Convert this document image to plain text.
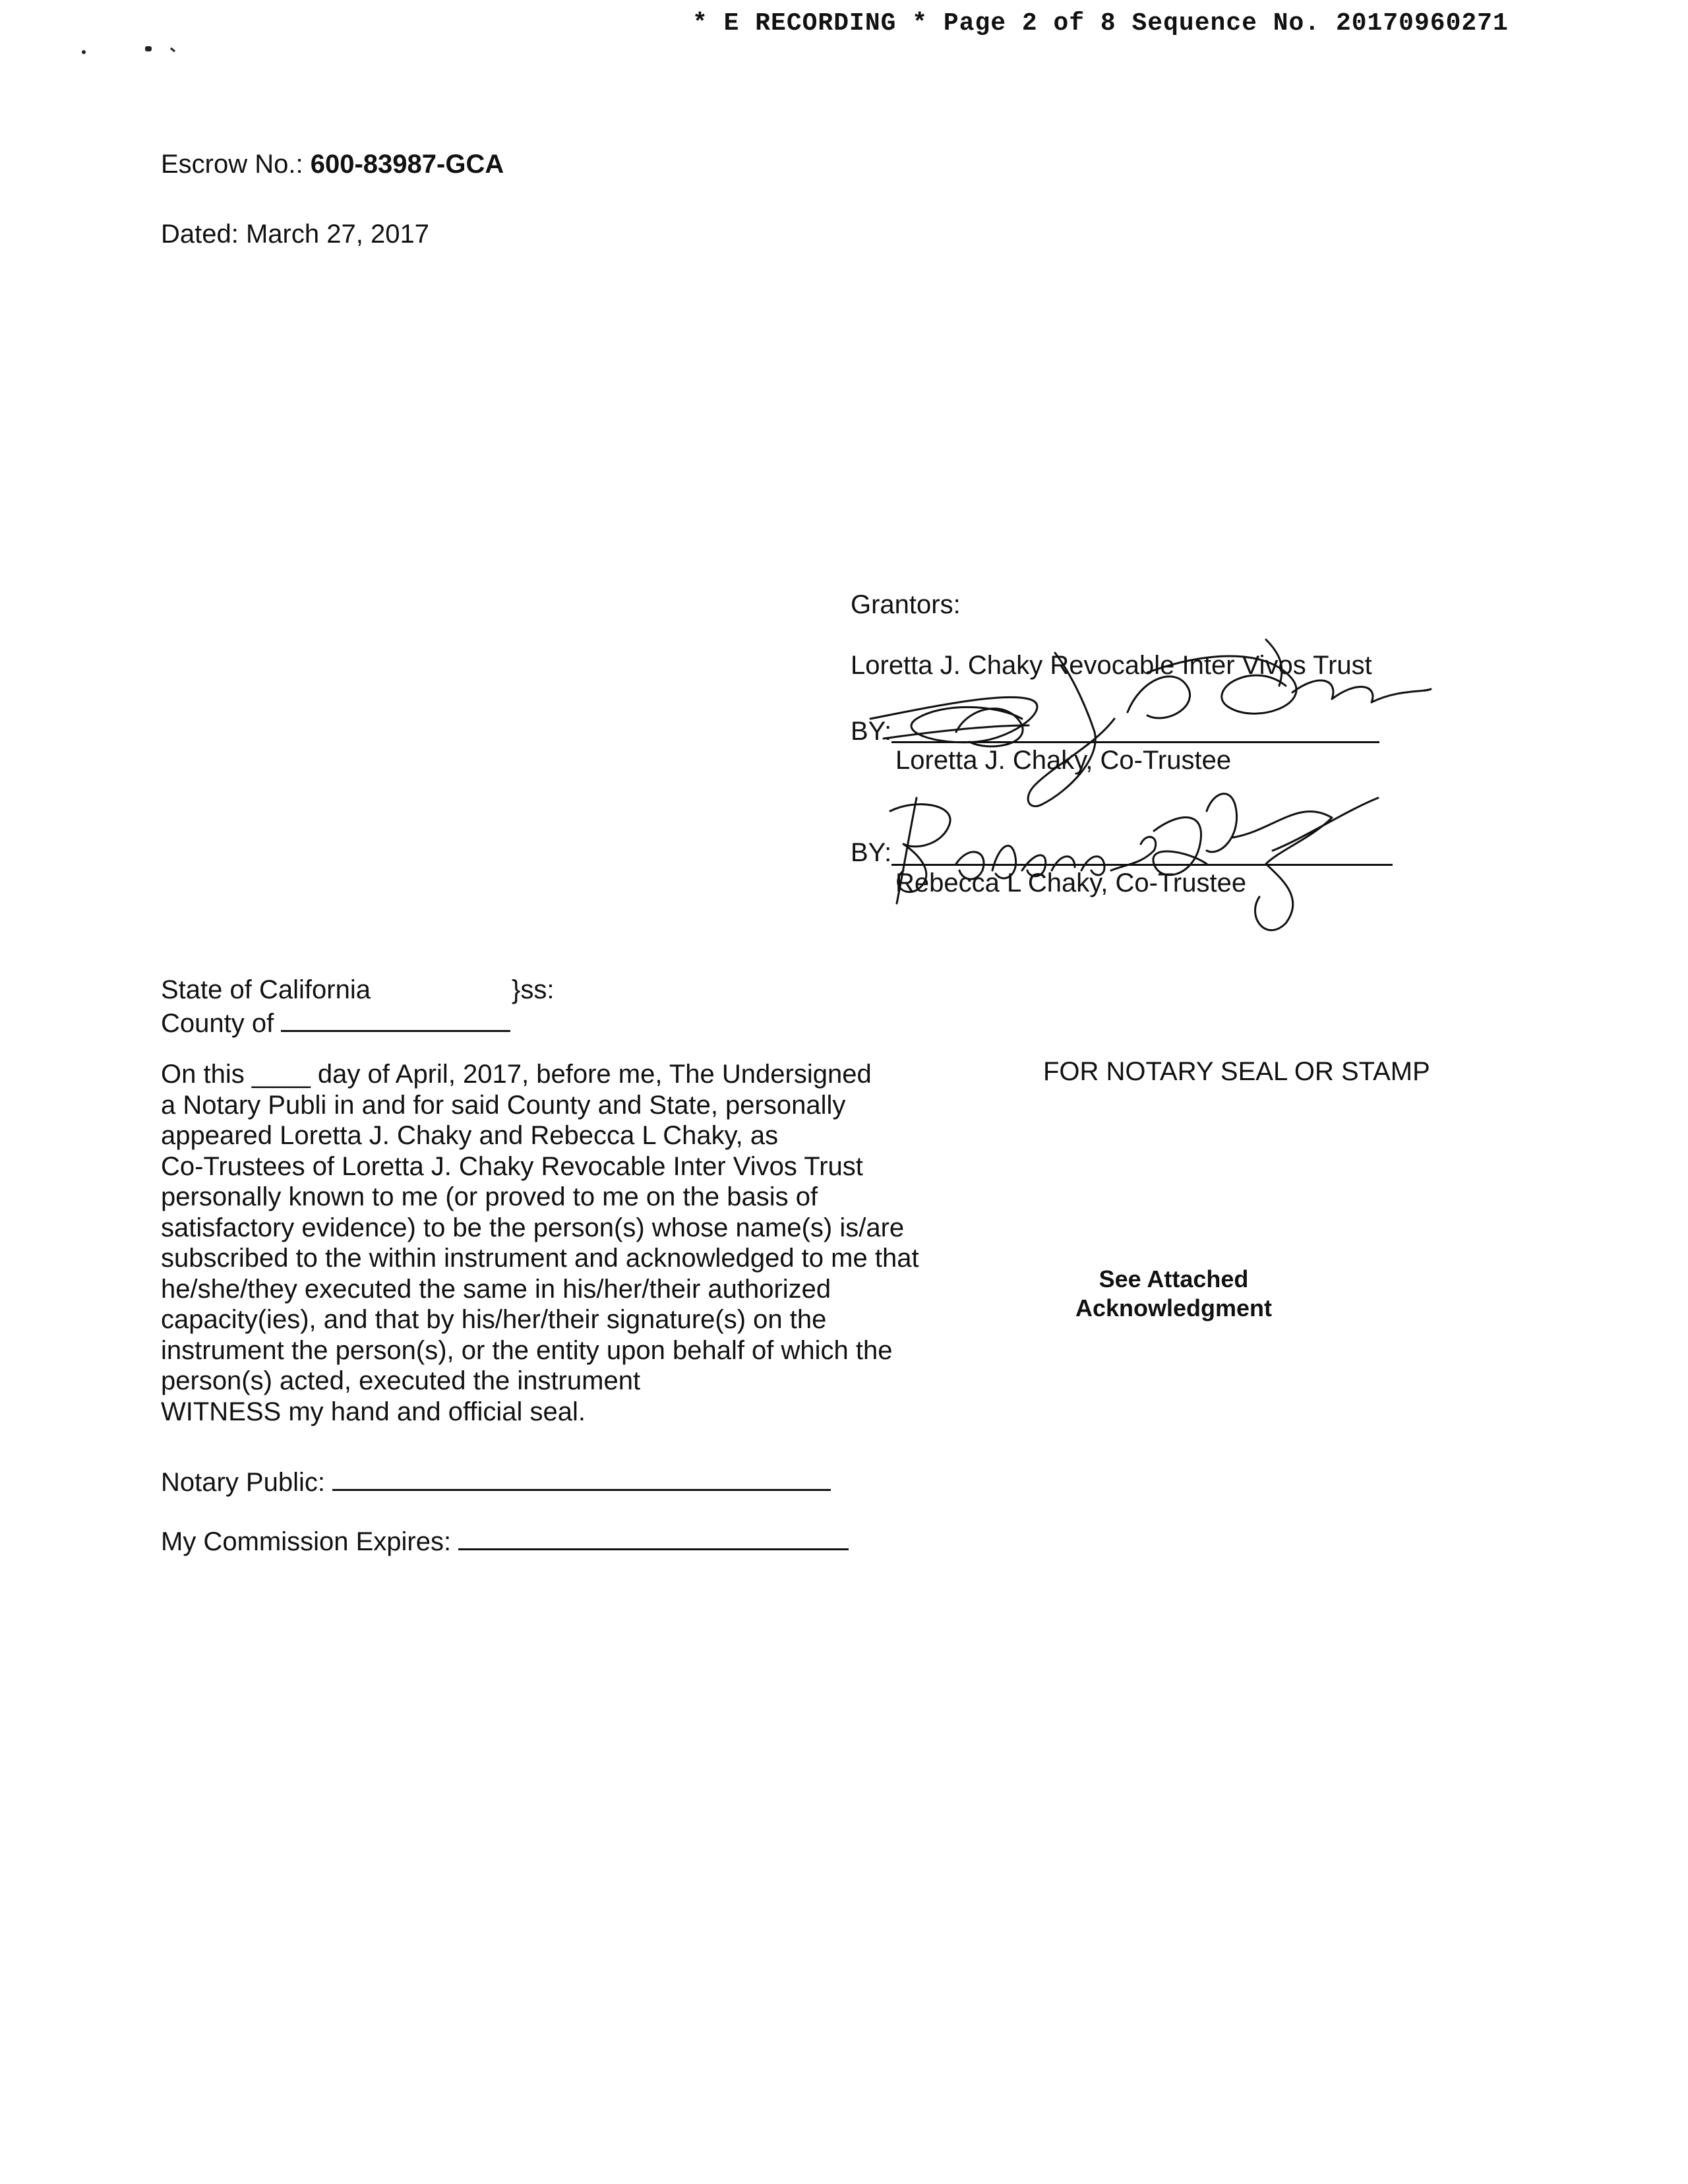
* E RECORDING * Page 2 of 8 Sequence No. 20170960271
Escrow No.: 600-83987-GCA
Dated: March 27, 2017
Grantors:
Loretta J. Chaky Revocable Inter Vivos Trust
BY:
Loretta J. Chaky, Co-Trustee
BY:
Rebecca L Chaky, Co-Trustee
State of California	}ss:
County of
On this ____ day of April, 2017, before me, The Undersigned
a Notary Publi in and for said County and State, personally
appeared Loretta J. Chaky and Rebecca L Chaky, as
Co-Trustees of Loretta J. Chaky Revocable Inter Vivos Trust
personally known to me (or proved to me on the basis of
satisfactory evidence) to be the person(s) whose name(s) is/are
subscribed to the within instrument and acknowledged to me that
he/she/they executed the same in his/her/their authorized
capacity(ies), and that by his/her/their signature(s) on the
instrument the person(s), or the entity upon behalf of which the
person(s) acted, executed the instrument
WITNESS my hand and official seal.
Notary Public:
My Commission Expires:
FOR NOTARY SEAL OR STAMP
See Attached
Acknowledgment
